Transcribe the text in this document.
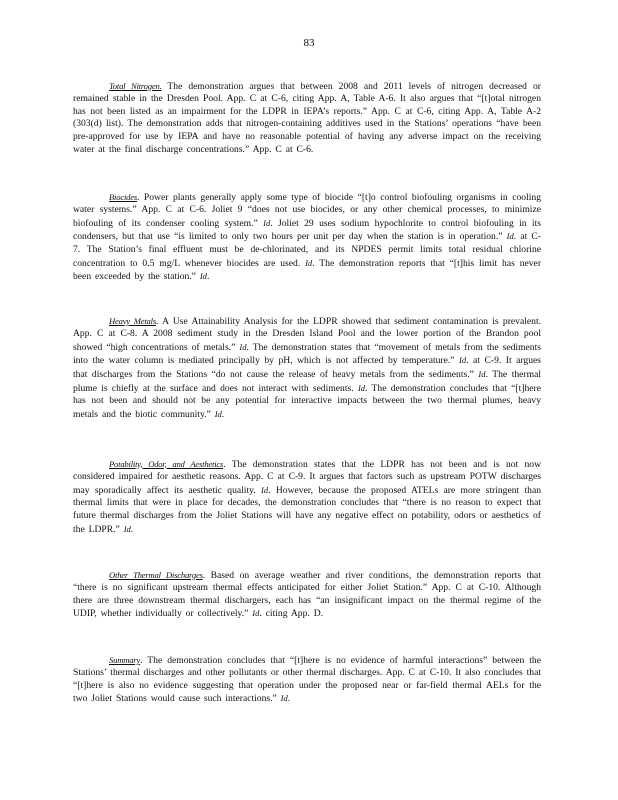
83

Total Nitrogen. The demonstration argues that between 2008 and 2011 levels of nitrogen decreased or remained stable in the Dresden Pool. App. C at C-6, citing App. A, Table A-6. It also argues that “[t]otal nitrogen has not been listed as an impairment for the LDPR in IEPA’s reports.” App. C at C-6, citing App. A, Table A-2 (303(d) list). The demonstration adds that nitrogen-containing additives used in the Stations’ operations “have been pre-approved for use by IEPA and have no reasonable potential of having any adverse impact on the receiving water at the final discharge concentrations.” App. C at C-6.

Biocides. Power plants generally apply some type of biocide “[t]o control biofouling organisms in cooling water systems.” App. C at C-6. Joliet 9 “does not use biocides, or any other chemical processes, to minimize biofouling of its condenser cooling system.” Id. Joliet 29 uses sodium hypochlorite to control biofouling in its condensers, but that use “is limited to only two hours per unit per day when the station is in operation.” Id. at C-7. The Station’s final effluent must be de-chlorinated, and its NPDES permit limits total residual chlorine concentration to 0.5 mg/L whenever biocides are used. Id. The demonstration reports that “[t]his limit has never been exceeded by the station.” Id.

Heavy Metals. A Use Attainability Analysis for the LDPR showed that sediment contamination is prevalent. App. C at C-8. A 2008 sediment study in the Dresden Island Pool and the lower portion of the Brandon pool showed “high concentrations of metals.” Id. The demonstration states that “movement of metals from the sediments into the water column is mediated principally by pH, which is not affected by temperature.” Id. at C-9. It argues that discharges from the Stations “do not cause the release of heavy metals from the sediments.” Id. The thermal plume is chiefly at the surface and does not interact with sediments. Id. The demonstration concludes that “[t]here has not been and should not be any potential for interactive impacts between the two thermal plumes, heavy metals and the biotic community.” Id.

Potability, Odor, and Aesthetics. The demonstration states that the LDPR has not been and is not now considered impaired for aesthetic reasons. App. C at C-9. It argues that factors such as upstream POTW discharges may sporadically affect its aesthetic quality. Id. However, because the proposed ATELs are more stringent than thermal limits that were in place for decades, the demonstration concludes that “there is no reason to expect that future thermal discharges from the Joliet Stations will have any negative effect on potability, odors or aesthetics of the LDPR.” Id.

Other Thermal Discharges. Based on average weather and river conditions, the demonstration reports that “there is no significant upstream thermal effects anticipated for either Joliet Station.” App. C at C-10. Although there are three downstream thermal dischargers, each has “an insignificant impact on the thermal regime of the UDIP, whether individually or collectively.” Id. citing App. D.

Summary. The demonstration concludes that “[t]here is no evidence of harmful interactions” between the Stations’ thermal discharges and other pollutants or other thermal discharges. App. C at C-10. It also concludes that “[t]here is also no evidence suggesting that operation under the proposed near or far-field thermal AELs for the two Joliet Stations would cause such interactions.” Id.
